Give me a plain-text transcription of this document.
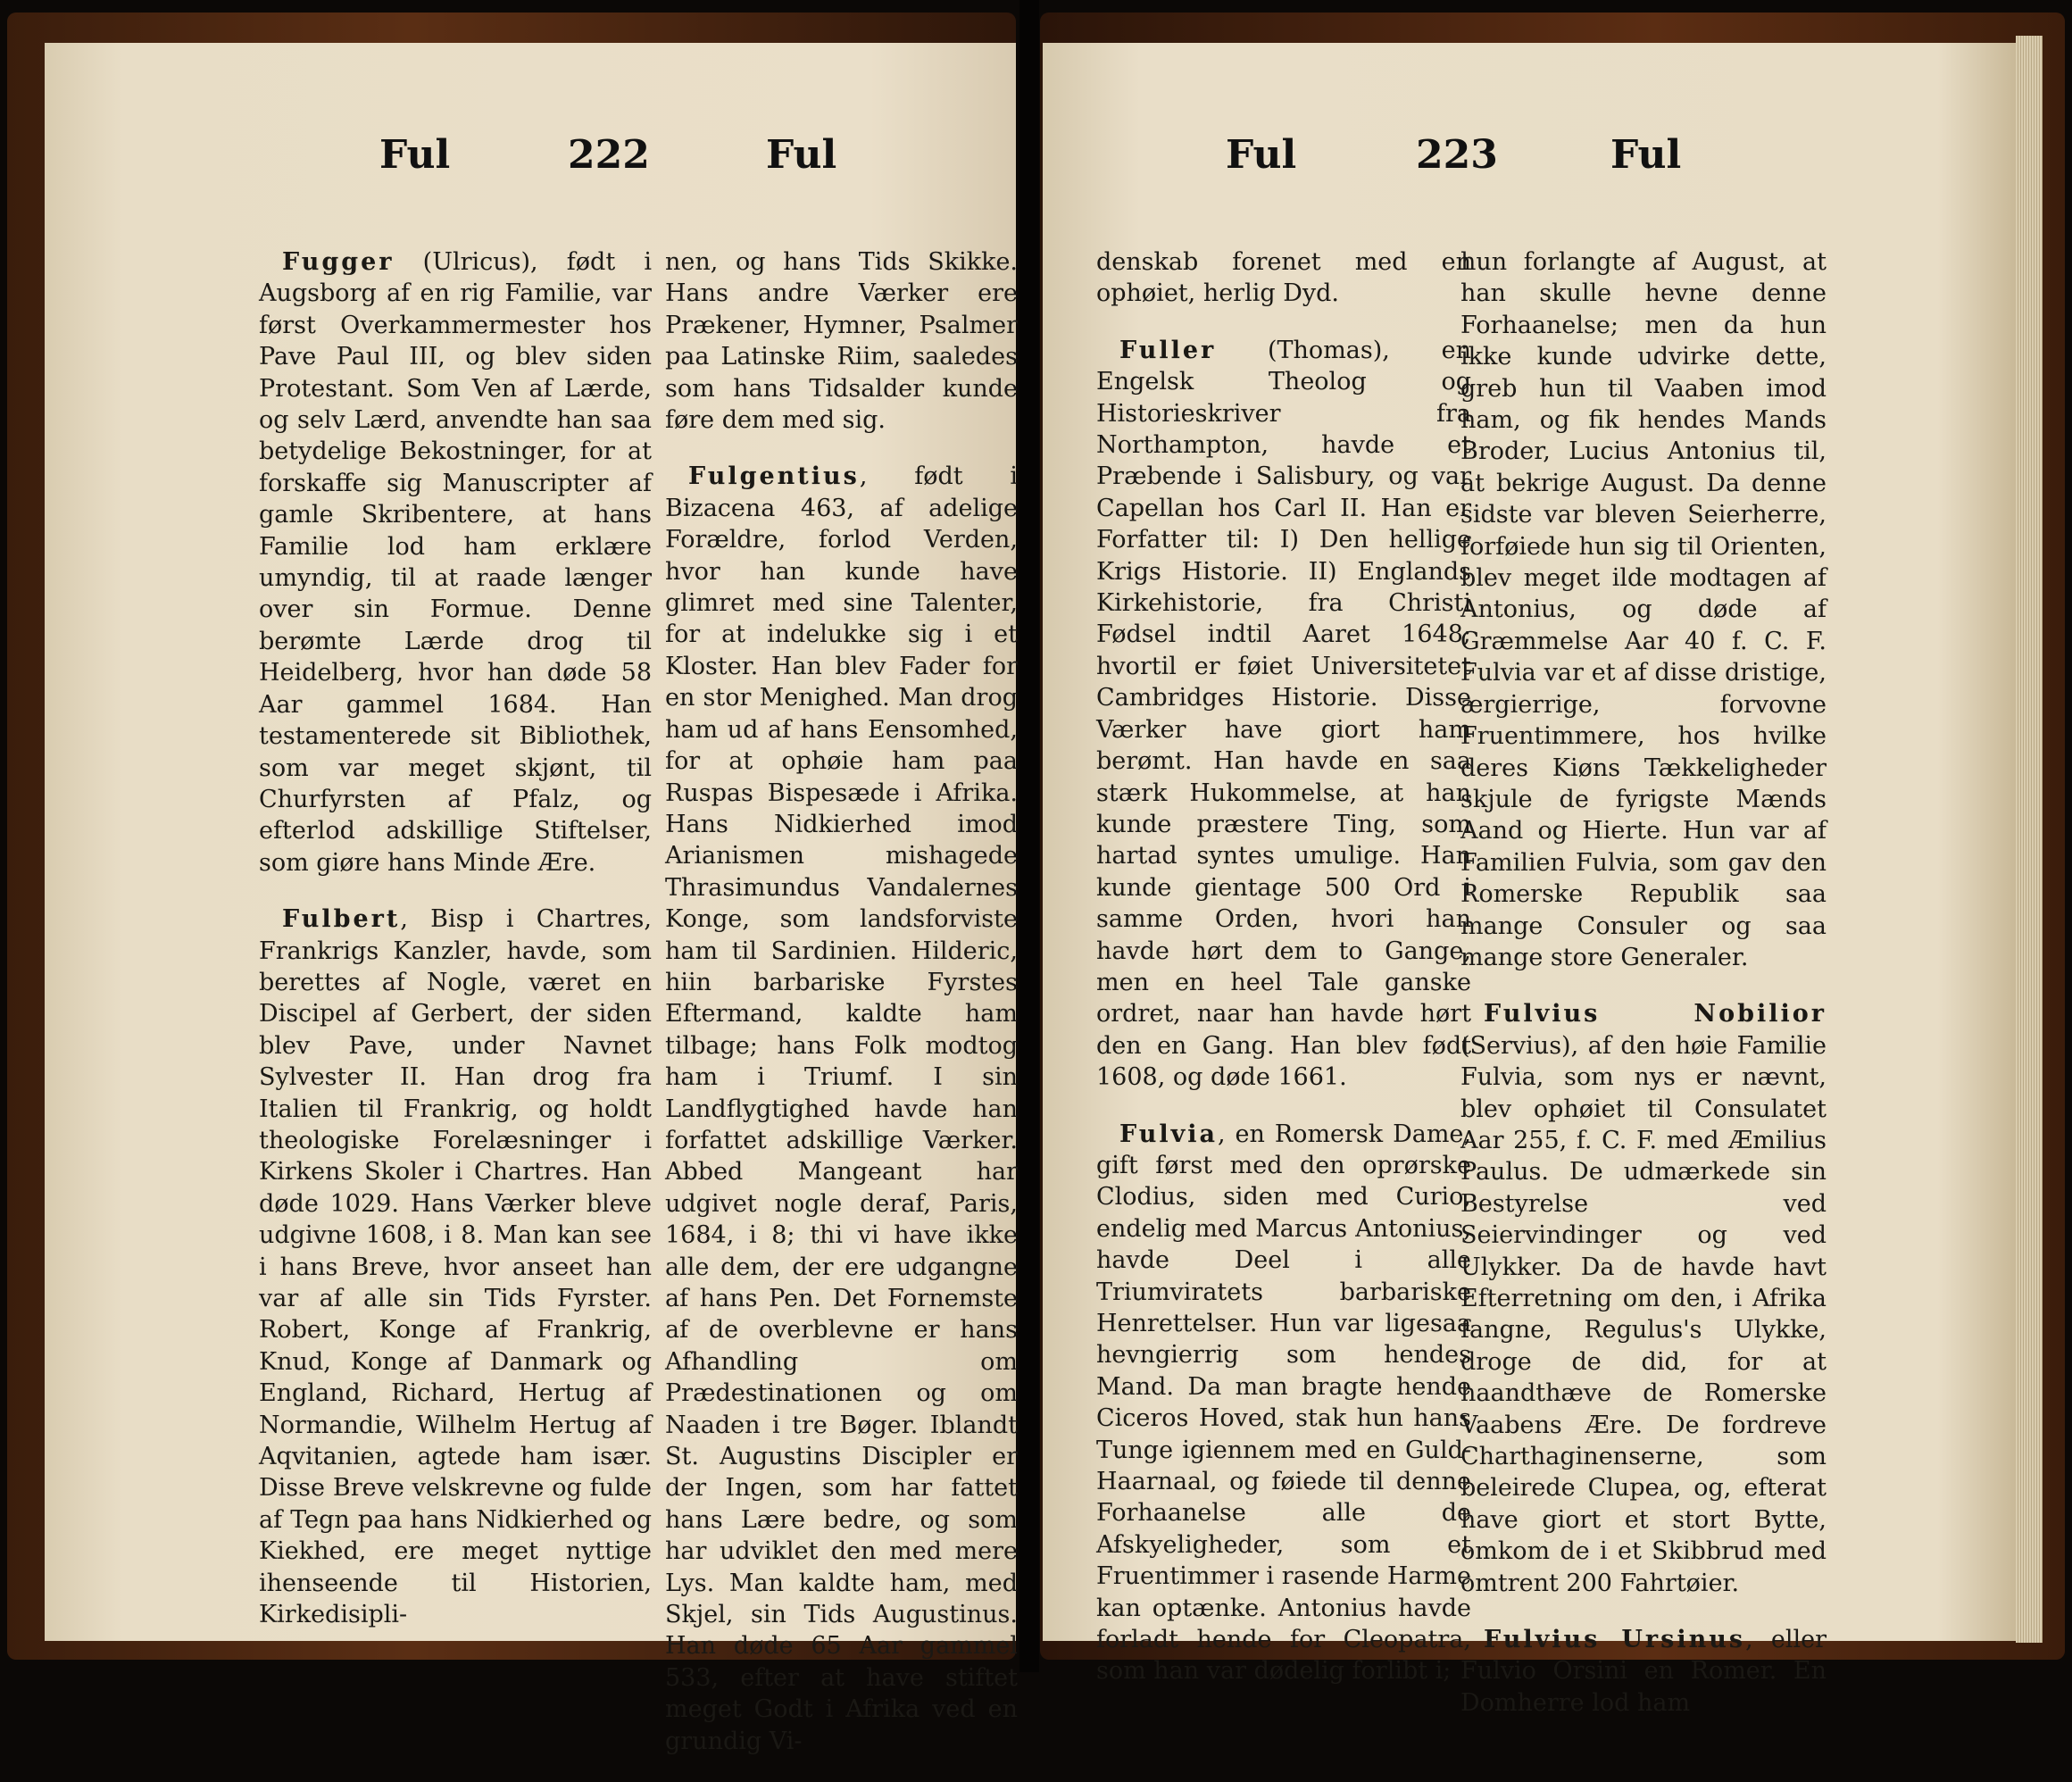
Ful	222	Ful

Fugger (Ulricus), født i Augsborg af en rig Familie, var først Overkammermester hos Pave Paul III, og blev siden Protestant. Som Ven af Lærde, og selv Lærd, anvendte han saa betydelige Bekostninger, for at forskaffe sig Manuscripter af gamle Skribentere, at hans Familie lod ham erklære umyndig, til at raade længer over sin Formue. Denne berømte Lærde drog til Heidelberg, hvor han døde 58 Aar gammel 1684. Han testamenterede sit Bibliothek, som var meget skjønt, til Churfyrsten af Pfalz, og efterlod adskillige Stiftelser, som giøre hans Minde Ære.

Fulbert, Bisp i Chartres, Frankrigs Kanzler, havde, som berettes af Nogle, været en Discipel af Gerbert, der siden blev Pave, under Navnet Sylvester II. Han drog fra Italien til Frankrig, og holdt theologiske Forelæsninger i Kirkens Skoler i Chartres. Han døde 1029. Hans Værker bleve udgivne 1608, i 8. Man kan see i hans Breve, hvor anseet han var af alle sin Tids Fyrster. Robert, Konge af Frankrig, Knud, Konge af Danmark og England, Richard, Hertug af Normandie, Wilhelm Hertug af Aqvitanien, agtede ham især. Disse Breve velskrevne og fulde af Tegn paa hans Nidkierhed og Kiekhed, ere meget nyttige ihenseende til Historien, Kirkedisipli-

nen, og hans Tids Skikke. Hans andre Værker ere Prækener, Hymner, Psalmer paa Latinske Riim, saaledes som hans Tidsalder kunde føre dem med sig.

Fulgentius, født i Bizacena 463, af adelige Forældre, forlod Verden, hvor han kunde have glimret med sine Talenter, for at indelukke sig i et Kloster. Han blev Fader for en stor Menighed. Man drog ham ud af hans Eensomhed, for at ophøie ham paa Ruspas Bispesæde i Afrika. Hans Nidkierhed imod Arianismen mishagede Thrasimundus Vandalernes Konge, som landsforviste ham til Sardinien. Hilderic, hiin barbariske Fyrstes Eftermand, kaldte ham tilbage; hans Folk modtog ham i Triumf. I sin Landflygtighed havde han forfattet adskillige Værker. Abbed Mangeant har udgivet nogle deraf, Paris, 1684, i 8; thi vi have ikke alle dem, der ere udgangne af hans Pen. Det Fornemste af de overblevne er hans Afhandling om Prædestinationen og om Naaden i tre Bøger. Iblandt St. Augustins Discipler er der Ingen, som har fattet hans Lære bedre, og som har udviklet den med mere Lys. Man kaldte ham, med Skjel, sin Tids Augustinus. Han døde 65 Aar gammel 533, efter at have stiftet meget Godt i Afrika ved en grundig Vi-

Ful	223	Ful

denskab forenet med en ophøiet, herlig Dyd.

Fuller (Thomas), en Engelsk Theolog og Historieskriver fra Northampton, havde et Præbende i Salisbury, og var Capellan hos Carl II. Han er Forfatter til: I) Den hellige Krigs Historie. II) Englands Kirkehistorie, fra Christi Fødsel indtil Aaret 1648; hvortil er føiet Universitetet Cambridges Historie. Disse Værker have giort ham berømt. Han havde en saa stærk Hukommelse, at han kunde præstere Ting, som hartad syntes umulige. Han kunde gientage 500 Ord i samme Orden, hvori han havde hørt dem to Gange, men en heel Tale ganske ordret, naar han havde hørt den en Gang. Han blev født 1608, og døde 1661.

Fulvia, en Romersk Dame, gift først med den oprørske Clodius, siden med Curio, endelig med Marcus Antonius, havde Deel i alle Triumviratets barbariske Henrettelser. Hun var ligesaa hevngierrig som hendes Mand. Da man bragte hende Ciceros Hoved, stak hun hans Tunge igiennem med en Guld-Haarnaal, og føiede til denne Forhaanelse alle de Afskyeligheder, som et Fruentimmer i rasende Harme kan optænke. Antonius havde forladt hende for Cleopatra, som han var dødelig forlibt i;

hun forlangte af August, at han skulle hevne denne Forhaanelse; men da hun ikke kunde udvirke dette, greb hun til Vaaben imod ham, og fik hendes Mands Broder, Lucius Antonius til, at bekrige August. Da denne sidste var bleven Seierherre, forføiede hun sig til Orienten, blev meget ilde modtagen af Antonius, og døde af Græmmelse Aar 40 f. C. F. Fulvia var et af disse dristige, ærgierrige, forvovne Fruentimmere, hos hvilke deres Kiøns Tækkeligheder skjule de fyrigste Mænds Aand og Hierte. Hun var af Familien Fulvia, som gav den Romerske Republik saa mange Consuler og saa mange store Generaler.

Fulvius Nobilior (Servius), af den høie Familie Fulvia, som nys er nævnt, blev ophøiet til Consulatet Aar 255, f. C. F. med Æmilius Paulus. De udmærkede sin Bestyrelse ved Seiervindinger og ved Ulykker. Da de havde havt Efterretning om den, i Afrika fangne, Regulus's Ulykke, droge de did, for at haandthæve de Romerske Vaabens Ære. De fordreve Charthaginenserne, som beleirede Clupea, og, efterat have giort et stort Bytte, omkom de i et Skibbrud med omtrent 200 Fahrtøier.

Fulvius Ursinus, eller Fulvio Orsini en Romer. En Domherre lod ham
